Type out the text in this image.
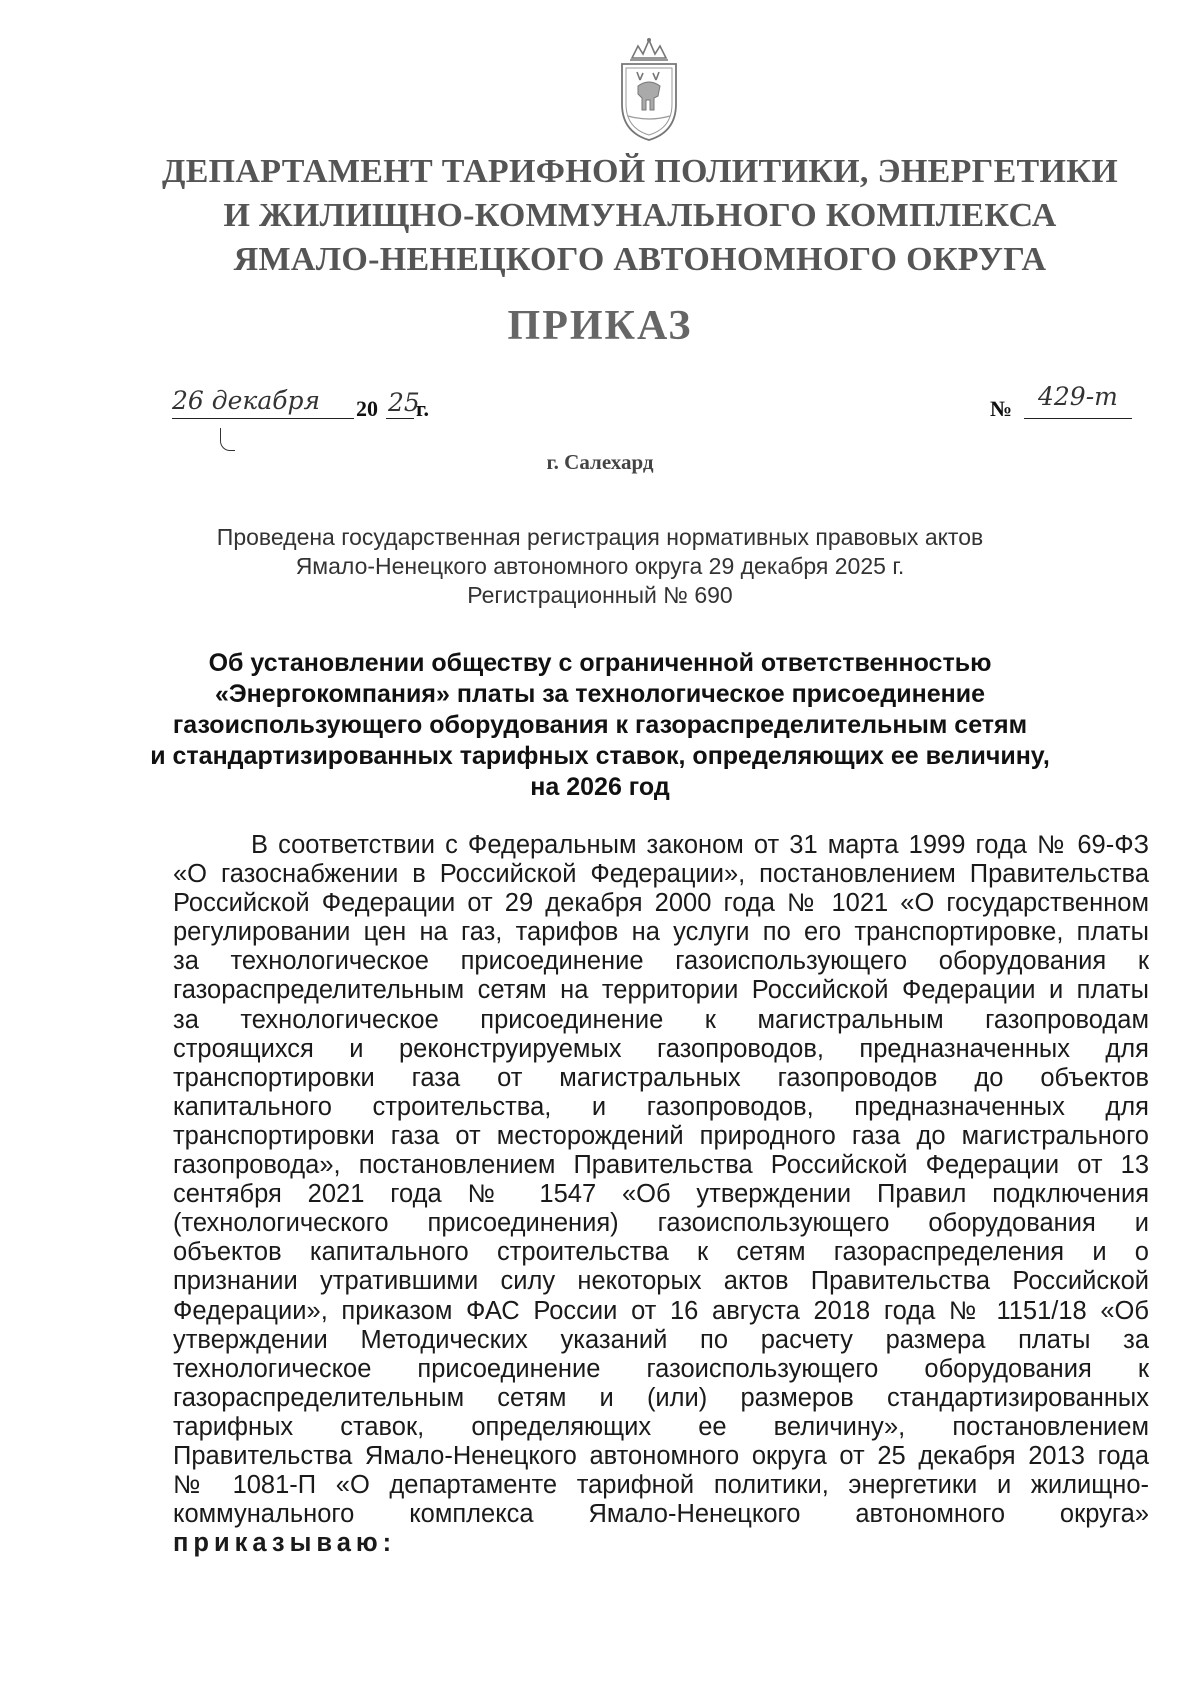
ДЕПАРТАМЕНТ ТАРИФНОЙ ПОЛИТИКИ, ЭНЕРГЕТИКИ
И ЖИЛИЩНО-КОММУНАЛЬНОГО КОМПЛЕКСА
ЯМАЛО-НЕНЕЦКОГО АВТОНОМНОГО ОКРУГА
ПРИКАЗ
26 декабря	20 25
г.	№ 429-т
г. Салехард
Проведена государственная регистрация нормативных правовых актов
Ямало-Ненецкого автономного округа 29 декабря 2025 г.
Регистрационный № 690
Об установлении обществу с ограниченной ответственностью
«Энергокомпания» платы за технологическое присоединение
газоиспользующего оборудования к газораспределительным сетям
и стандартизированных тарифных ставок, определяющих ее величину,
на 2026 год
В соответствии с Федеральным законом от 31 марта 1999 года № 69-ФЗ
«О газоснабжении в Российской Федерации», постановлением Правительства
Российской Федерации от 29 декабря 2000 года № 1021 «О государственном
регулировании цен на газ, тарифов на услуги по его транспортировке, платы
за технологическое присоединение газоиспользующего оборудования к
газораспределительным сетям на территории Российской Федерации и платы
за технологическое присоединение к магистральным газопроводам
строящихся и реконструируемых газопроводов, предназначенных для
транспортировки газа от магистральных газопроводов до объектов
капитального строительства, и газопроводов, предназначенных для
транспортировки газа от месторождений природного газа до магистрального
газопровода», постановлением Правительства Российской Федерации от 13
сентября 2021 года № 1547 «Об утверждении Правил подключения
(технологического присоединения) газоиспользующего оборудования и
объектов капитального строительства к сетям газораспределения и о
признании утратившими силу некоторых актов Правительства Российской
Федерации», приказом ФАС России от 16 августа 2018 года № 1151/18 «Об
утверждении Методических указаний по расчету размера платы за
технологическое присоединение газоиспользующего оборудования к
газораспределительным сетям и (или) размеров стандартизированных
тарифных ставок, определяющих ее величину», постановлением
Правительства Ямало-Ненецкого автономного округа от 25 декабря 2013 года
№ 1081-П «О департаменте тарифной политики, энергетики и жилищно-
коммунального комплекса Ямало-Ненецкого автономного округа»
приказываю:
